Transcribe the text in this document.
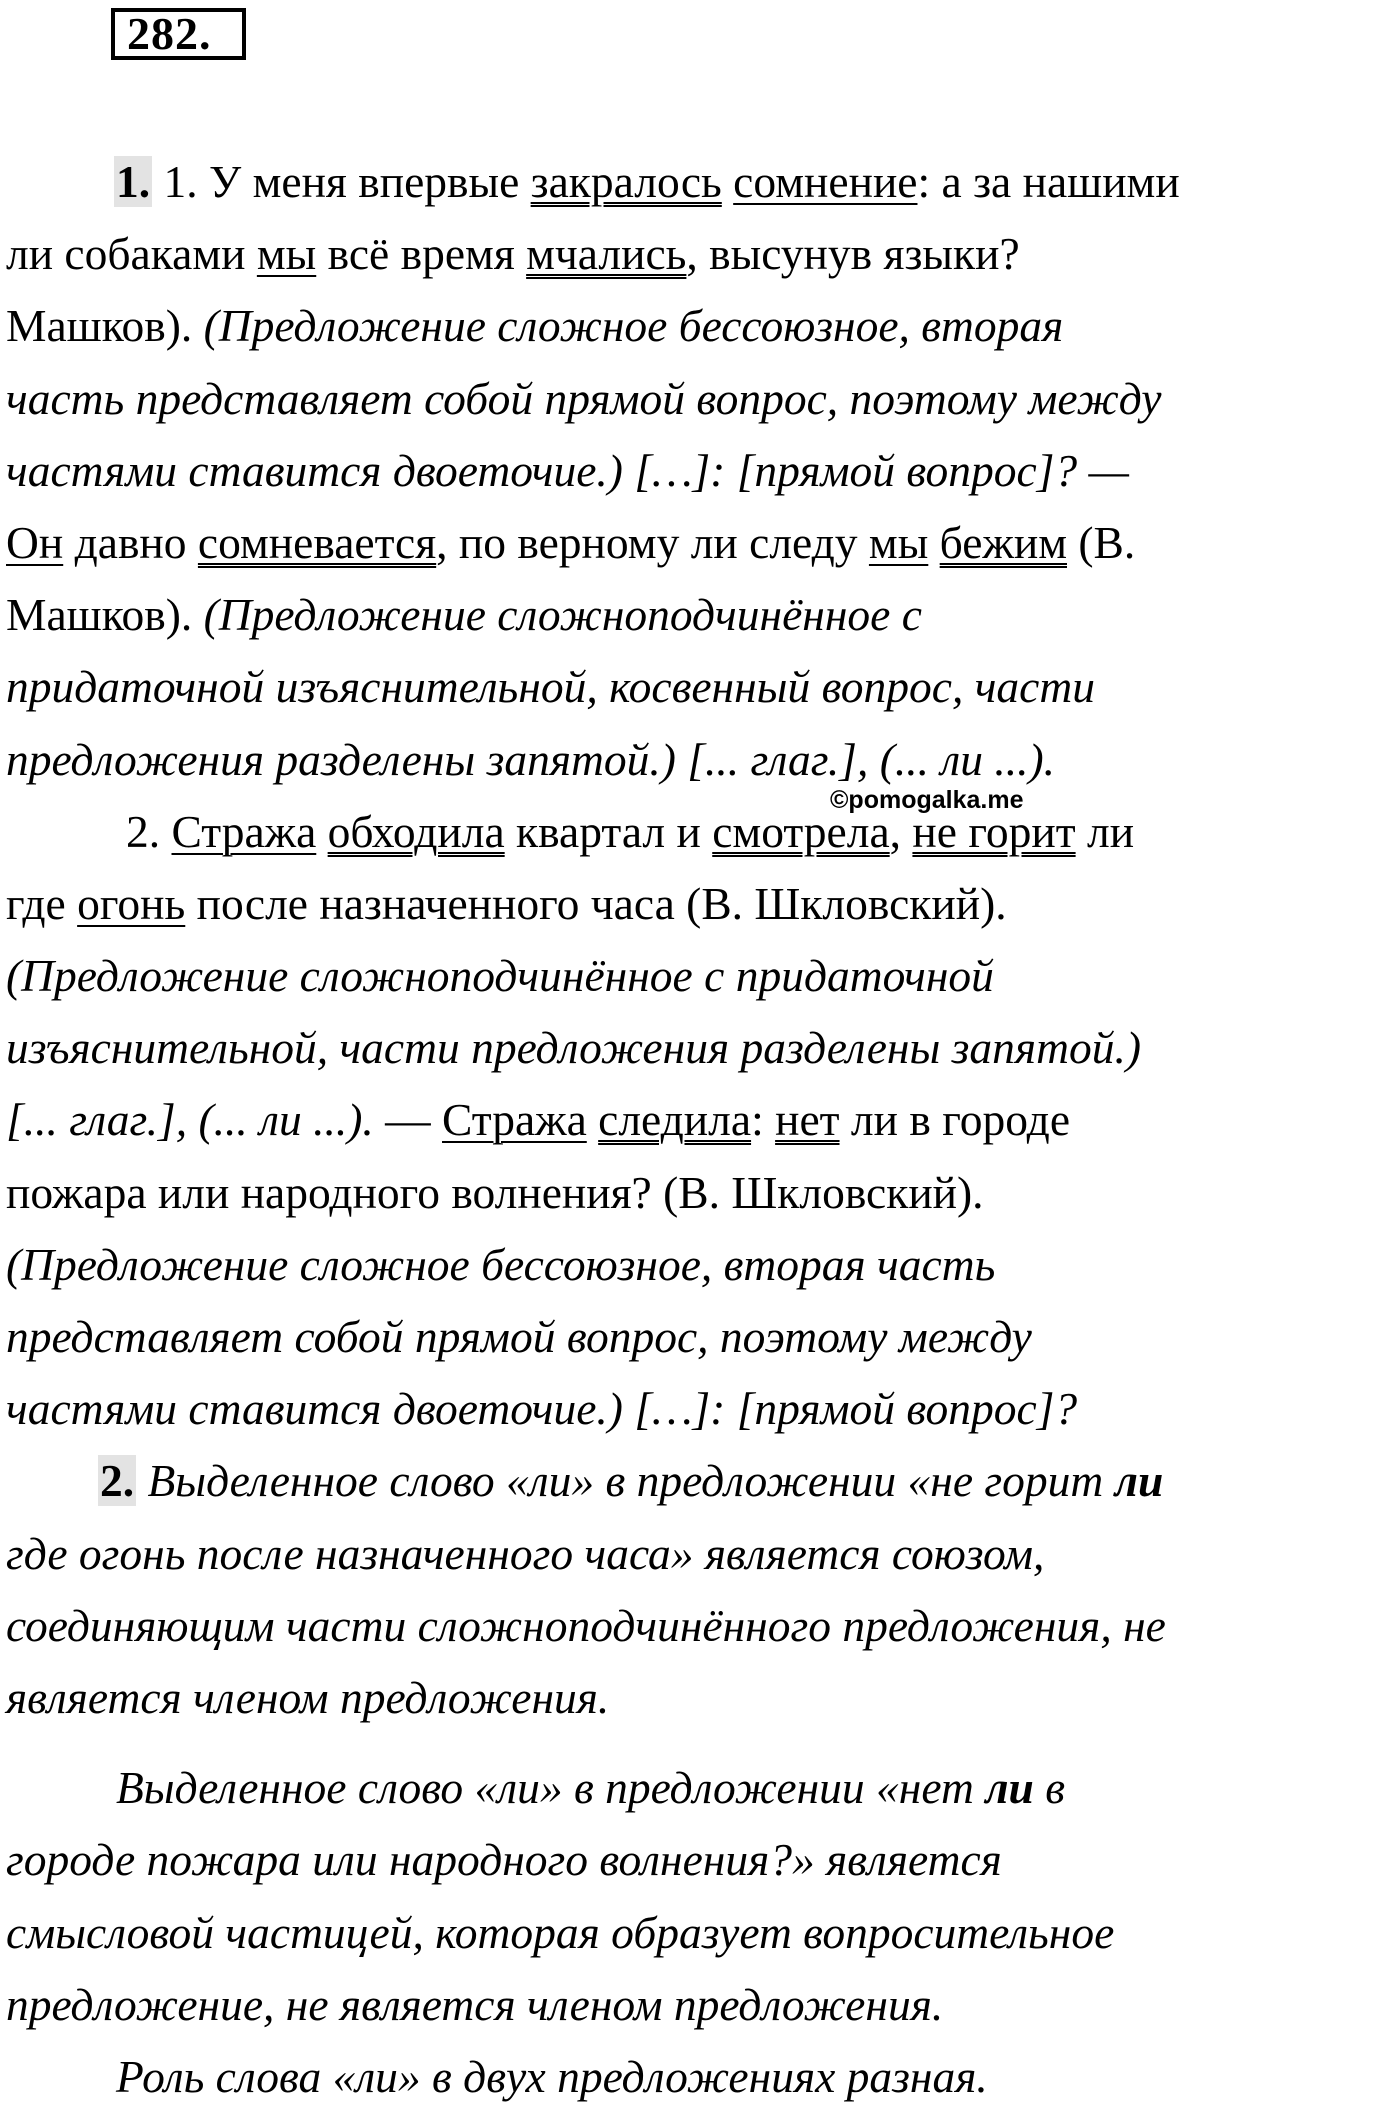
282.
©pomogalka.me
1. 1. У меня впервые закралось сомнение: а за нашими
ли собаками мы всё время мчались, высунув языки?
Машков). (Предложение сложное бессоюзное, вторая
часть представляет собой прямой вопрос, поэтому между
частями ставится двоеточие.) […]: [прямой вопрос]? —
Он давно сомневается, по верному ли следу мы бежим (В.
Машков). (Предложение сложноподчинённое с
придаточной изъяснительной, косвенный вопрос, части
предложения разделены запятой.) [... глаг.], (... ли ...).
2. Стража обходила квартал и смотрела, не горит ли
где огонь после назначенного часа (В. Шкловский).
(Предложение сложноподчинённое с придаточной
изъяснительной, части предложения разделены запятой.)
[... глаг.], (... ли ...). — Стража следила: нет ли в городе
пожара или народного волнения? (В. Шкловский).
(Предложение сложное бессоюзное, вторая часть
представляет собой прямой вопрос, поэтому между
частями ставится двоеточие.) […]: [прямой вопрос]?
2. Выделенное слово «ли» в предложении «не горит ли
где огонь после назначенного часа» является союзом,
соединяющим части сложноподчинённого предложения, не
является членом предложения.
Выделенное слово «ли» в предложении «нет ли в
городе пожара или народного волнения?» является
смысловой частицей, которая образует вопросительное
предложение, не является членом предложения.
Роль слова «ли» в двух предложениях разная.
